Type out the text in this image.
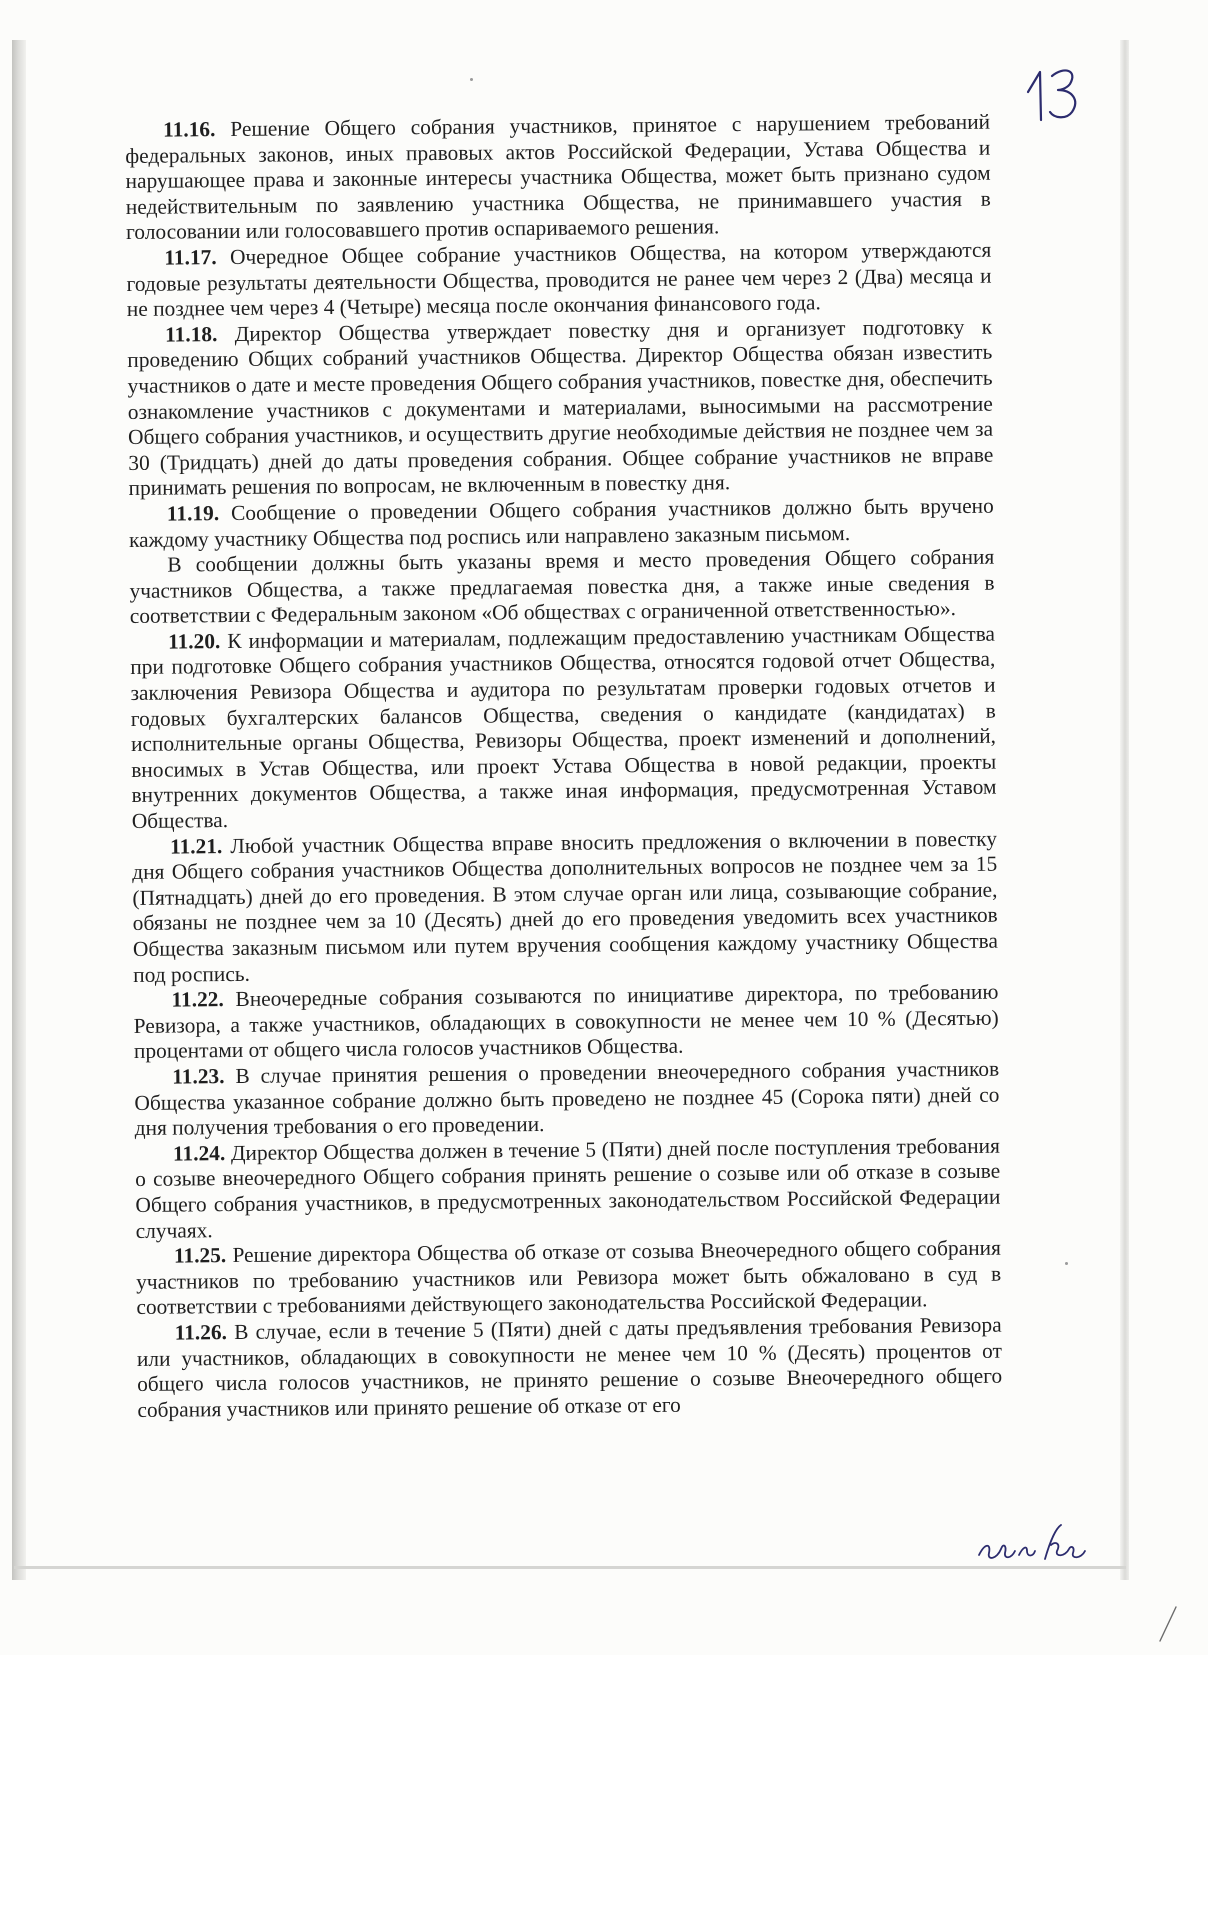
11.16. Решение Общего собрания участников, принятое с нарушением требований федеральных законов, иных правовых актов Российской Федерации, Устава Общества и нарушающее права и законные интересы участника Общества, может быть признано судом недействительным по заявлению участника Общества, не принимавшего участия в голосовании или голосовавшего против оспариваемого решения.

11.17. Очередное Общее собрание участников Общества, на котором утверждаются годовые результаты деятельности Общества, проводится не ранее чем через 2 (Два) месяца и не позднее чем через 4 (Четыре) месяца после окончания финансового года.

11.18. Директор Общества утверждает повестку дня и организует подготовку к проведению Общих собраний участников Общества. Директор Общества обязан известить участников о дате и месте проведения Общего собрания участников, повестке дня, обеспечить ознакомление участников с документами и материалами, выносимыми на рассмотрение Общего собрания участников, и осуществить другие необходимые действия не позднее чем за 30 (Тридцать) дней до даты проведения собрания. Общее собрание участников не вправе принимать решения по вопросам, не включенным в повестку дня.

11.19. Сообщение о проведении Общего собрания участников должно быть вручено каждому участнику Общества под роспись или направлено заказным письмом.

В сообщении должны быть указаны время и место проведения Общего собрания участников Общества, а также предлагаемая повестка дня, а также иные сведения в соответствии с Федеральным законом «Об обществах с ограниченной ответственностью».

11.20. К информации и материалам, подлежащим предоставлению участникам Общества при подготовке Общего собрания участников Общества, относятся годовой отчет Общества, заключения Ревизора Общества и аудитора по результатам проверки годовых отчетов и годовых бухгалтерских балансов Общества, сведения о кандидате (кандидатах) в исполнительные органы Общества, Ревизоры Общества, проект изменений и дополнений, вносимых в Устав Общества, или проект Устава Общества в новой редакции, проекты внутренних документов Общества, а также иная информация, предусмотренная Уставом Общества.

11.21. Любой участник Общества вправе вносить предложения о включении в повестку дня Общего собрания участников Общества дополнительных вопросов не позднее чем за 15 (Пятнадцать) дней до его проведения. В этом случае орган или лица, созывающие собрание, обязаны не позднее чем за 10 (Десять) дней до его проведения уведомить всех участников Общества заказным письмом или путем вручения сообщения каждому участнику Общества под роспись.

11.22. Внеочередные собрания созываются по инициативе директора, по требованию Ревизора, а также участников, обладающих в совокупности не менее чем 10 % (Десятью) процентами от общего числа голосов участников Общества.

11.23. В случае принятия решения о проведении внеочередного собрания участников Общества указанное собрание должно быть проведено не позднее 45 (Сорока пяти) дней со дня получения требования о его проведении.

11.24. Директор Общества должен в течение 5 (Пяти) дней после поступления требования о созыве внеочередного Общего собрания принять решение о созыве или об отказе в созыве Общего собрания участников, в предусмотренных законодательством Российской Федерации случаях.

11.25. Решение директора Общества об отказе от созыва Внеочередного общего собрания участников по требованию участников или Ревизора может быть обжаловано в суд в соответствии с требованиями действующего законодательства Российской Федерации.

11.26. В случае, если в течение 5 (Пяти) дней с даты предъявления требования Ревизора или участников, обладающих в совокупности не менее чем 10 % (Десять) процентов от общего числа голосов участников, не принято решение о созыве Внеочередного общего собрания участников или принято решение об отказе от его
